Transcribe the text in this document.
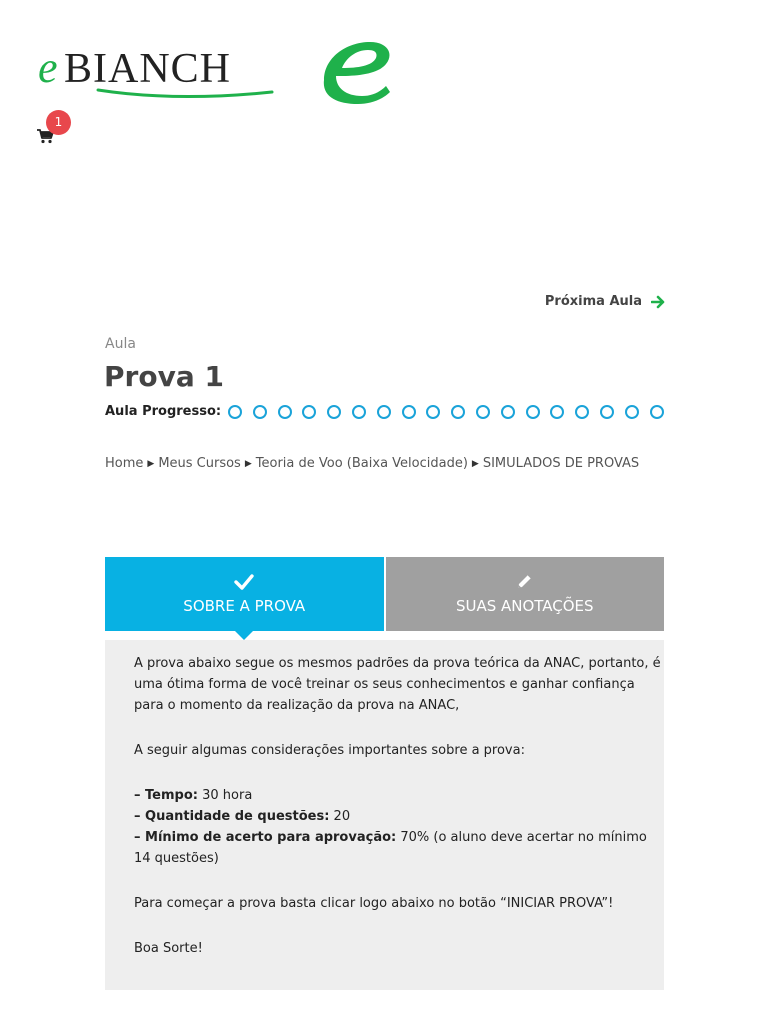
e BIANCH
1
Próxima Aula
Aula
Prova 1
Aula Progresso:
Home ▶ Meus Cursos ▶ Teoria de Voo (Baixa Velocidade) ▶ SIMULADOS DE PROVAS
SOBRE A PROVA	SUAS ANOTAÇÕES

A prova abaixo segue os mesmos padrões da prova teórica da ANAC, portanto, é uma ótima forma de você treinar os seus conhecimentos e ganhar confiança para o momento da realização da prova na ANAC,

A seguir algumas considerações importantes sobre a prova:

– Tempo: 30 hora

– Quantidade de questões: 20

– Mínimo de acerto para aprovação: 70% (o aluno deve acertar no mínimo 14 questões)

Para começar a prova basta clicar logo abaixo no botão “INICIAR PROVA”!

Boa Sorte!
